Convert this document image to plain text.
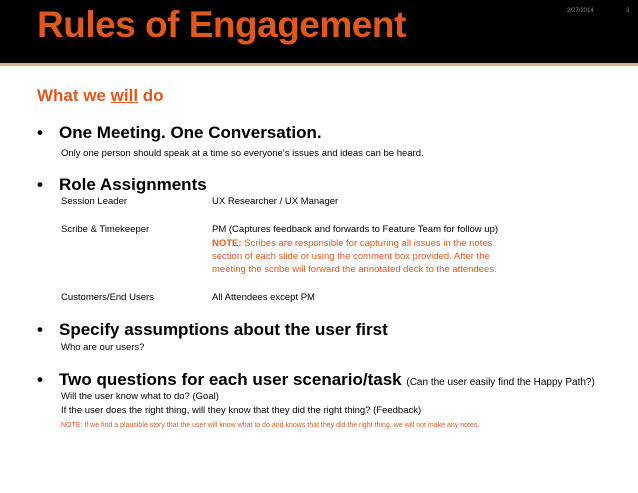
Rules of Engagement	2/27/2014	3
What we will do
• One Meeting. One Conversation.
Only one person should speak at a time so everyone’s issues and ideas can be heard.
• Role Assignments
Session Leader	UX Researcher / UX Manager
Scribe & Timekeeper	PM (Captures feedback and forwards to Feature Team for follow up)
NOTE: Scribes are responsible for capturing all issues in the notes
section of each slide or using the comment box provided. After the
meeting the scribe will forward the annotated deck to the attendees.
Customers/End Users	All Attendees except PM
• Specify assumptions about the user first
Who are our users?
• Two questions for each user scenario/task (Can the user easily find the Happy Path?)
Will the user know what to do? (Goal)
If the user does the right thing, will they know that they did the right thing? (Feedback)
NOTE: If we find a plausible story that the user will know what to do and knows that they did the right thing, we will not make any notes.
